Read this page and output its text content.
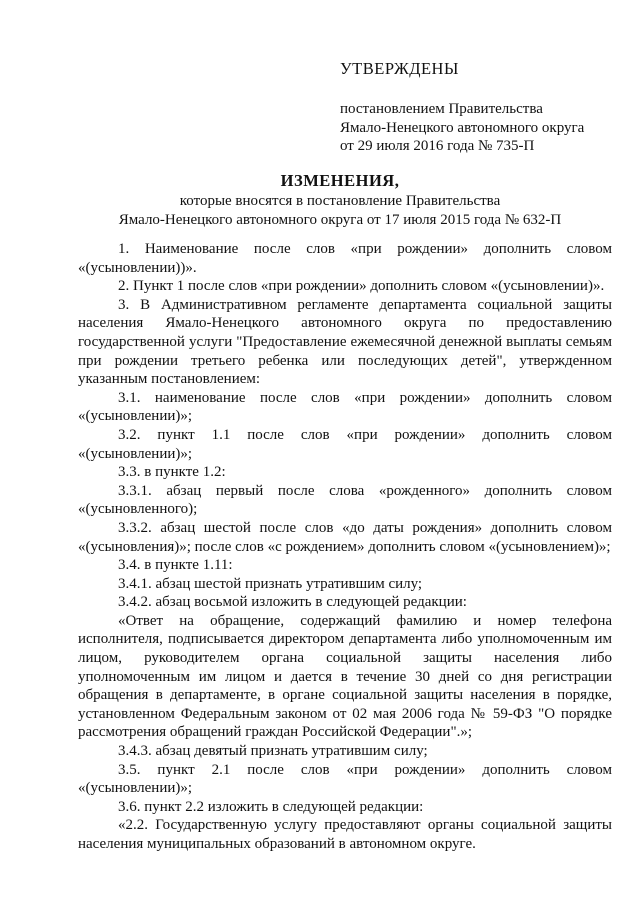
УТВЕРЖДЕНЫ

постановлением Правительства

Ямало-Ненецкого автономного округа

от 29 июля 2016 года № 735-П

ИЗМЕНЕНИЯ,
которые вносятся в постановление Правительства
Ямало-Ненецкого автономного округа от 17 июля 2015 года № 632-П

1. Наименование после слов «при рождении» дополнить словом «(усыновлении))».

2. Пункт 1 после слов «при рождении» дополнить словом «(усыновлении)».

3. В Административном регламенте департамента социальной защиты населения Ямало-Ненецкого автономного округа по предоставлению государственной услуги "Предоставление ежемесячной денежной выплаты семьям при рождении третьего ребенка или последующих детей", утвержденном указанным постановлением:

3.1. наименование после слов «при рождении» дополнить словом «(усыновлении)»;

3.2. пункт 1.1 после слов «при рождении» дополнить словом «(усыновлении)»;

3.3. в пункте 1.2:

3.3.1. абзац первый после слова «рожденного» дополнить словом «(усыновленного);

3.3.2. абзац шестой после слов «до даты рождения» дополнить словом «(усыновления)»; после слов «с рождением» дополнить словом «(усыновлением)»;

3.4. в пункте 1.11:

3.4.1. абзац шестой признать утратившим силу;

3.4.2. абзац восьмой изложить в следующей редакции:

«Ответ на обращение, содержащий фамилию и номер телефона исполнителя, подписывается директором департамента либо уполномоченным им лицом, руководителем органа социальной защиты населения либо уполномоченным им лицом и дается в течение 30 дней со дня регистрации обращения в департаменте, в органе социальной защиты населения в порядке, установленном Федеральным законом от 02 мая 2006 года № 59-ФЗ "О порядке рассмотрения обращений граждан Российской Федерации".»;

3.4.3. абзац девятый признать утратившим силу;

3.5. пункт 2.1 после слов «при рождении» дополнить словом «(усыновлении)»;

3.6. пункт 2.2 изложить в следующей редакции:

«2.2. Государственную услугу предоставляют органы социальной защиты населения муниципальных образований в автономном округе.
